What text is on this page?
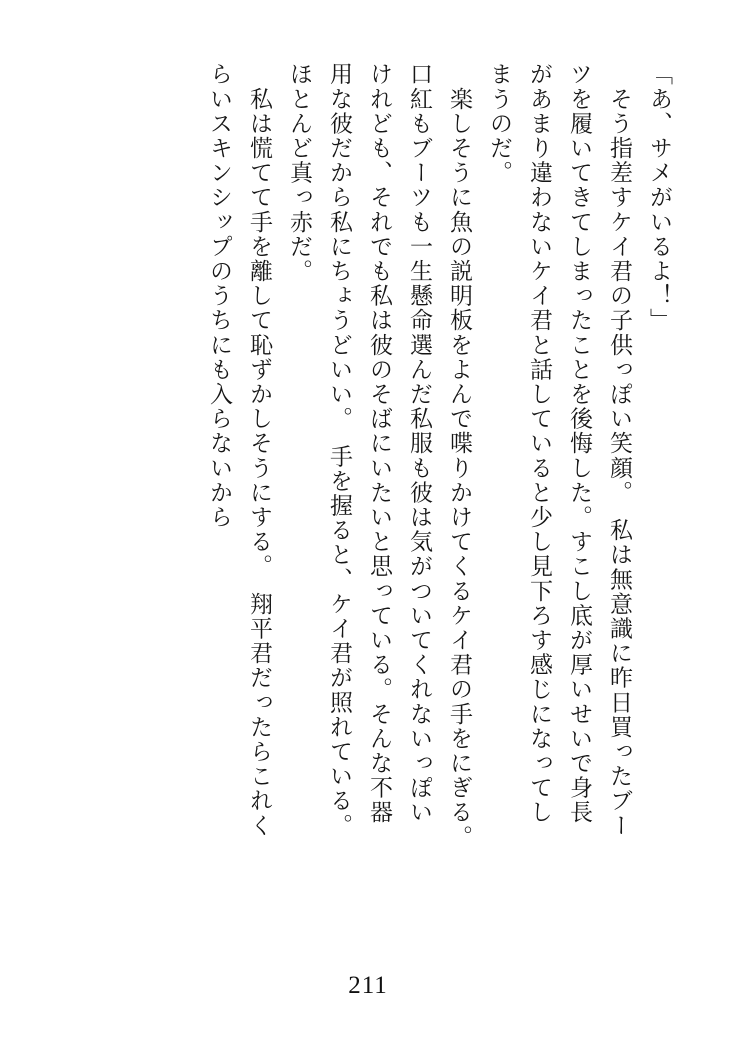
「あ、サメがいるよ！」
　そう指差すケイ君の子供っぽい笑顔。　私は無意識に昨日買ったブー
ツを履いてきてしまったことを後悔した。すこし底が厚いせいで身長
があまり違わないケイ君と話していると少し見下ろす感じになってし
まうのだ。
　楽しそうに魚の説明板をよんで喋りかけてくるケイ君の手をにぎる。
口紅もブーツも一生懸命選んだ私服も彼は気がついてくれないっぽい
けれども、それでも私は彼のそばにいたいと思っている。そんな不器
用な彼だから私にちょうどいい。　手を握ると、ケイ君が照れている。
ほとんど真っ赤だ。
　私は慌てて手を離して恥ずかしそうにする。　翔平君だったらこれく
らいスキンシップのうちにも入らないから
211
